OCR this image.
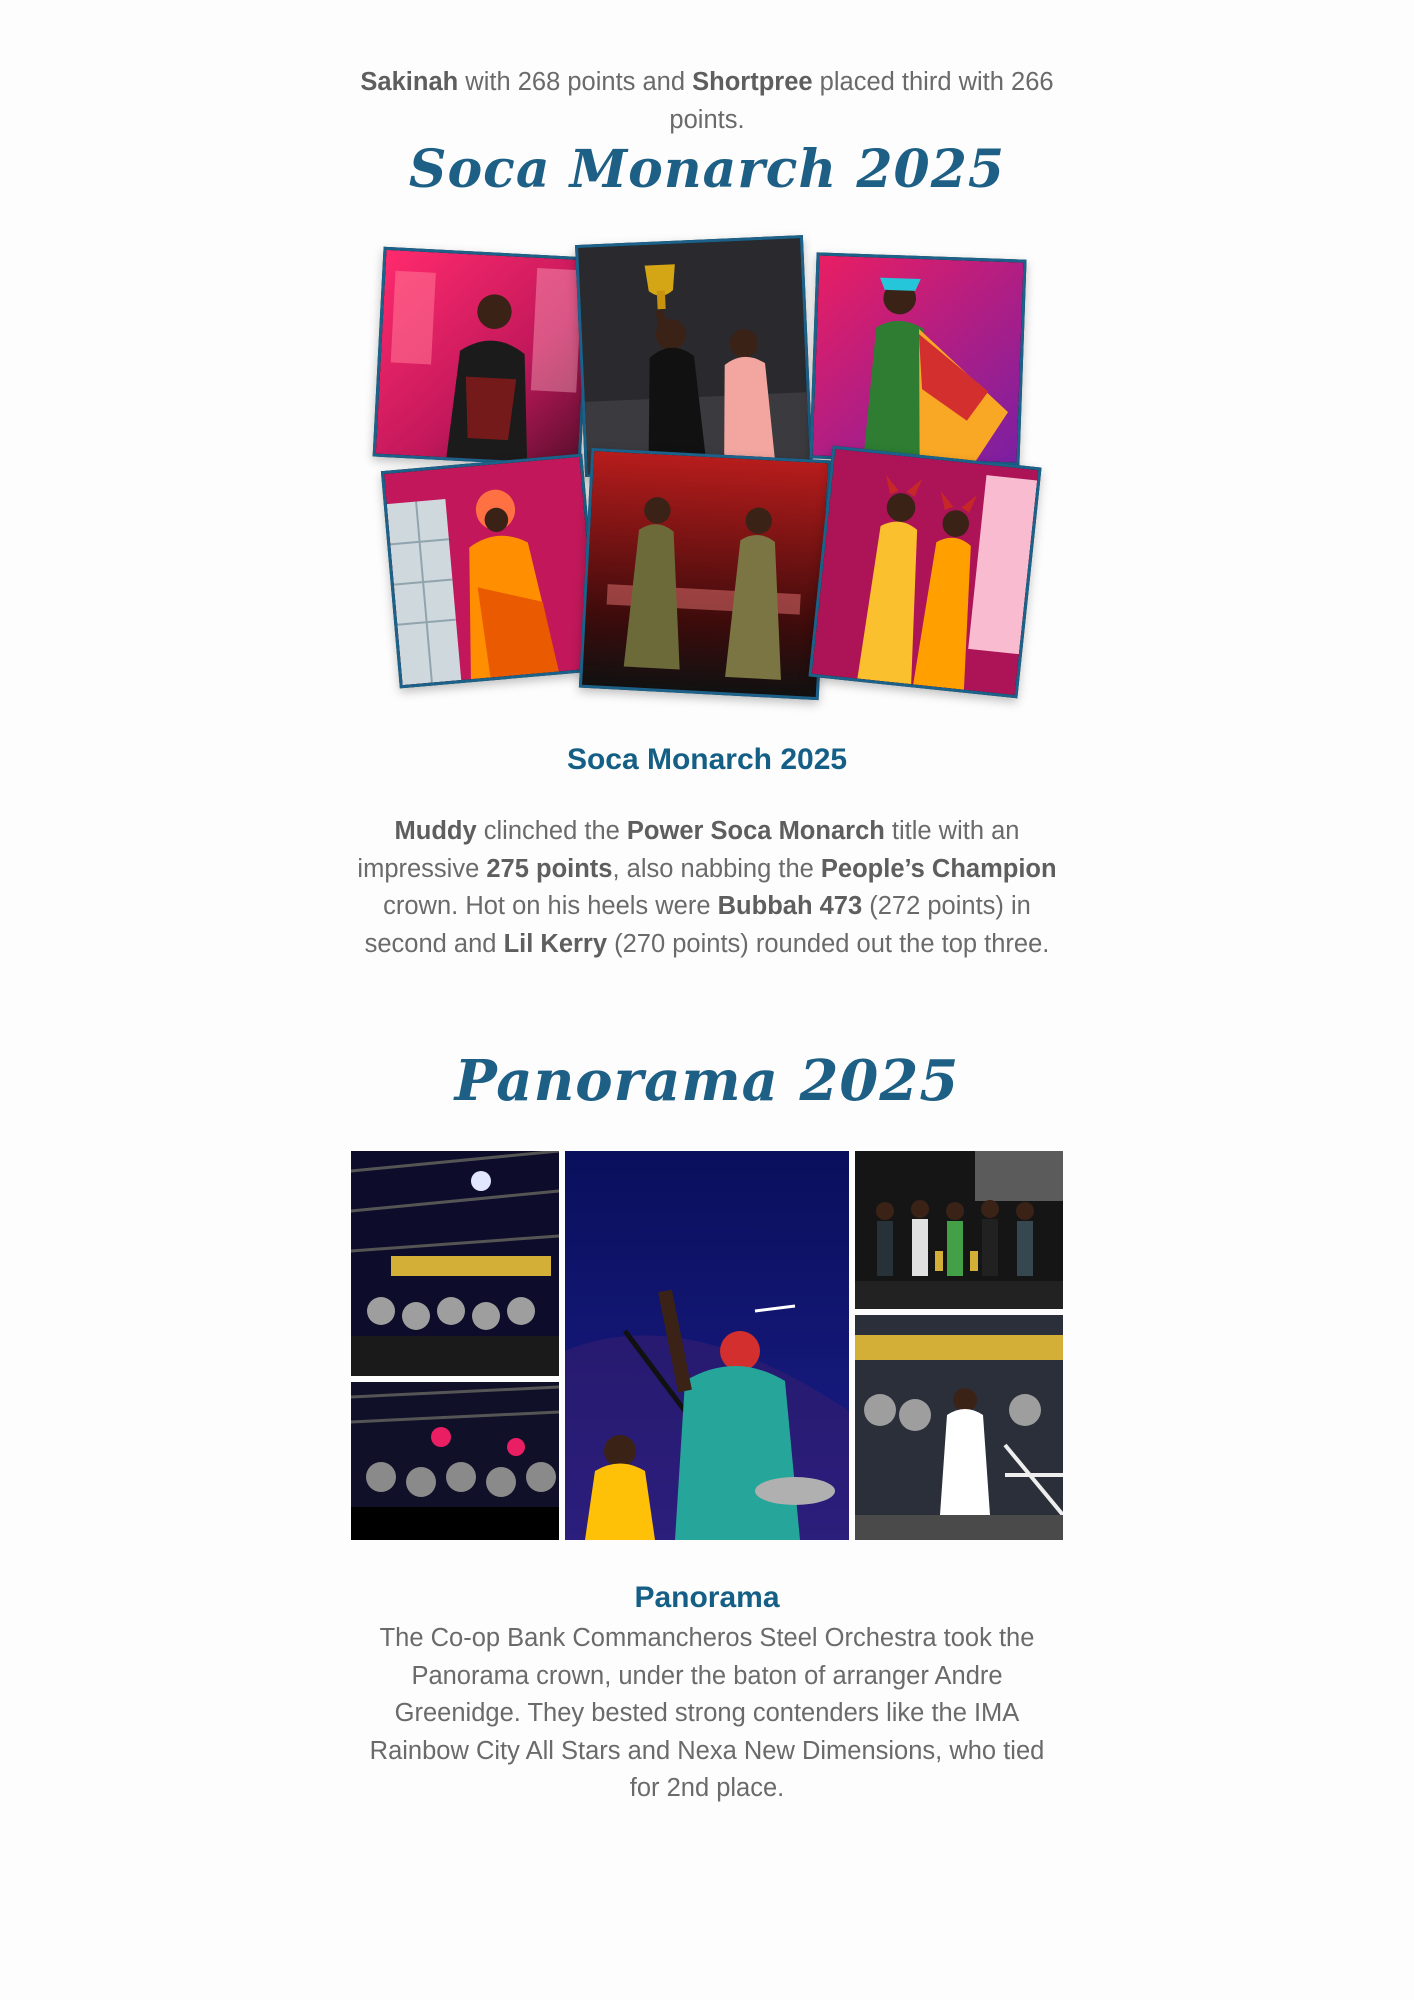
Sakinah with 268 points and Shortpree placed third with 266 points.

Soca Monarch 2025
Soca Monarch 2025

Muddy clinched the Power Soca Monarch title with an impressive 275 points, also nabbing the People’s Champion crown. Hot on his heels were Bubbah 473 (272 points) in second and Lil Kerry (270 points) rounded out the top three.

Panorama 2025
Panorama

The Co-op Bank Commancheros Steel Orchestra took the Panorama crown, under the baton of arranger Andre Greenidge. They bested strong contenders like the IMA Rainbow City All Stars and Nexa New Dimensions, who tied for 2nd place.
